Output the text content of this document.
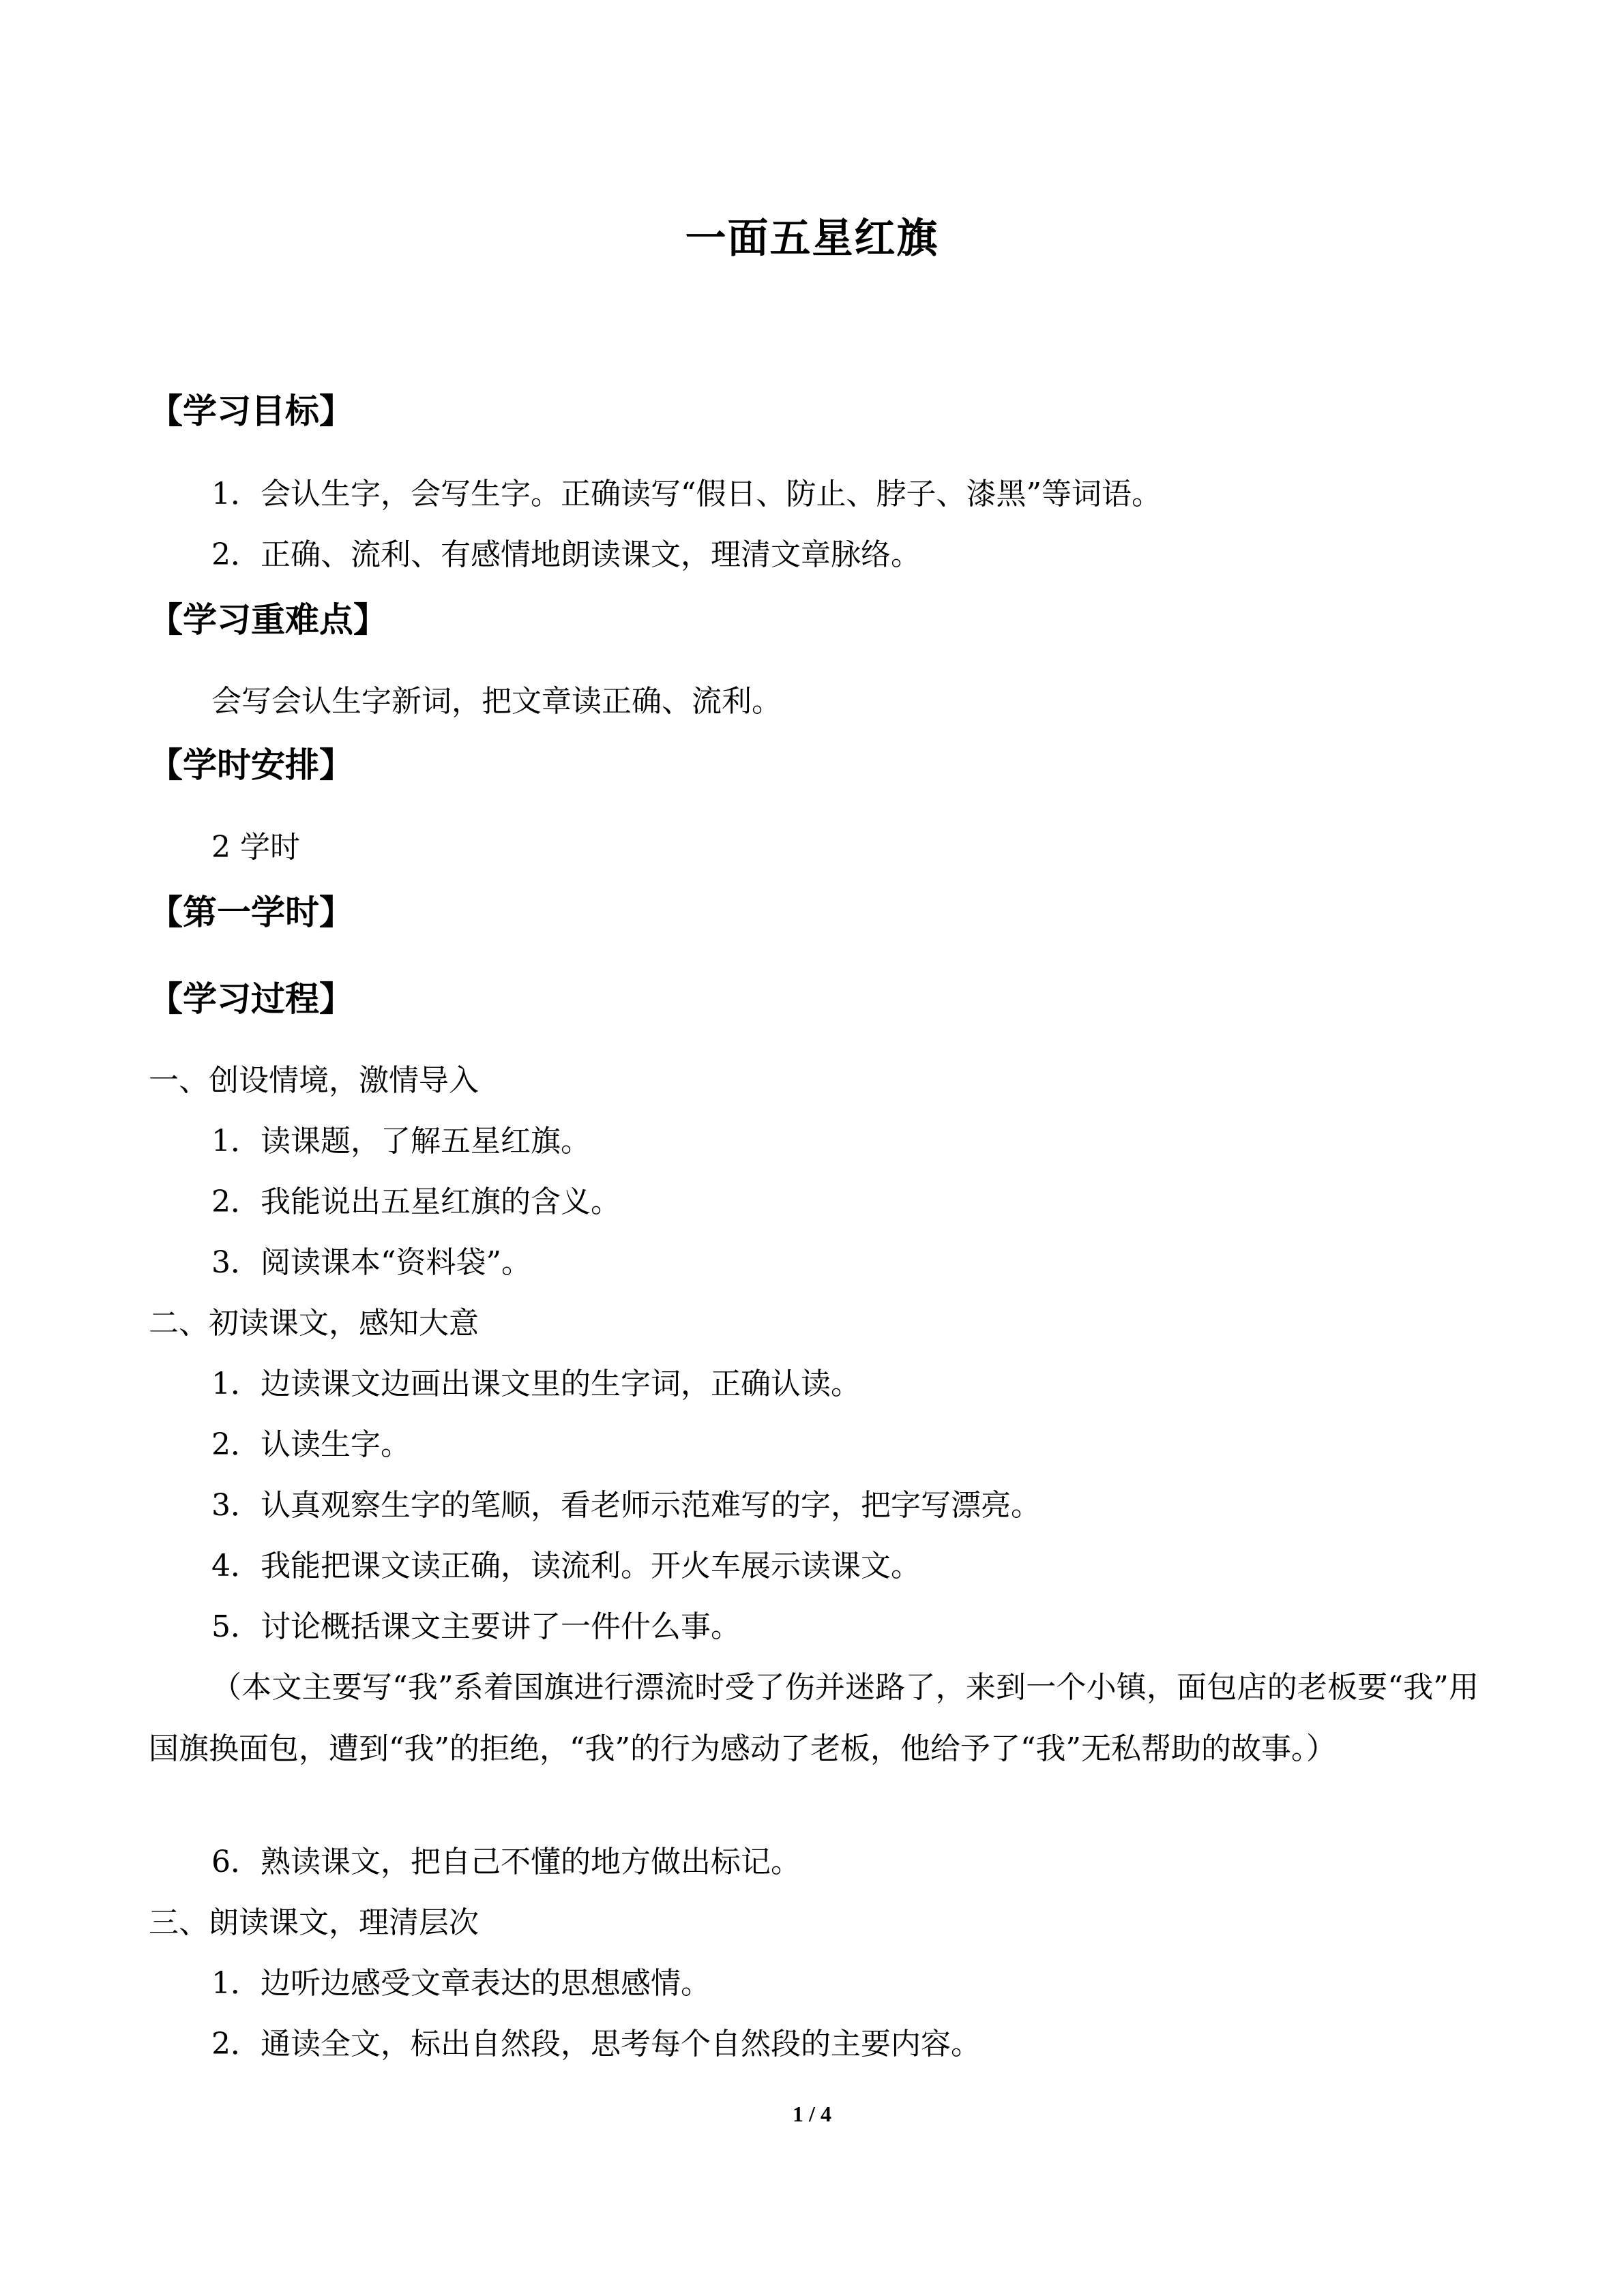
一面五星红旗
【学习目标】
1．会认生字，会写生字。正确读写“假日、防止、脖子、漆黑”等词语。
2．正确、流利、有感情地朗读课文，理清文章脉络。
【学习重难点】
会写会认生字新词，把文章读正确、流利。
【学时安排】
2 学时
【第一学时】
【学习过程】
一、创设情境，激情导入
1．读课题，了解五星红旗。
2．我能说出五星红旗的含义。
3．阅读课本“资料袋”。
二、初读课文，感知大意
1．边读课文边画出课文里的生字词，正确认读。
2．认读生字。
3．认真观察生字的笔顺，看老师示范难写的字，把字写漂亮。
4．我能把课文读正确，读流利。开火车展示读课文。
5．讨论概括课文主要讲了一件什么事。
（本文主要写“我”系着国旗进行漂流时受了伤并迷路了，来到一个小镇，面包店的老板要“我”用国旗换面包，遭到“我”的拒绝，“我”的行为感动了老板，他给予了“我”无私帮助的故事。）
6．熟读课文，把自己不懂的地方做出标记。
三、朗读课文，理清层次
1．边听边感受文章表达的思想感情。
2．通读全文，标出自然段，思考每个自然段的主要内容。
1 / 4
